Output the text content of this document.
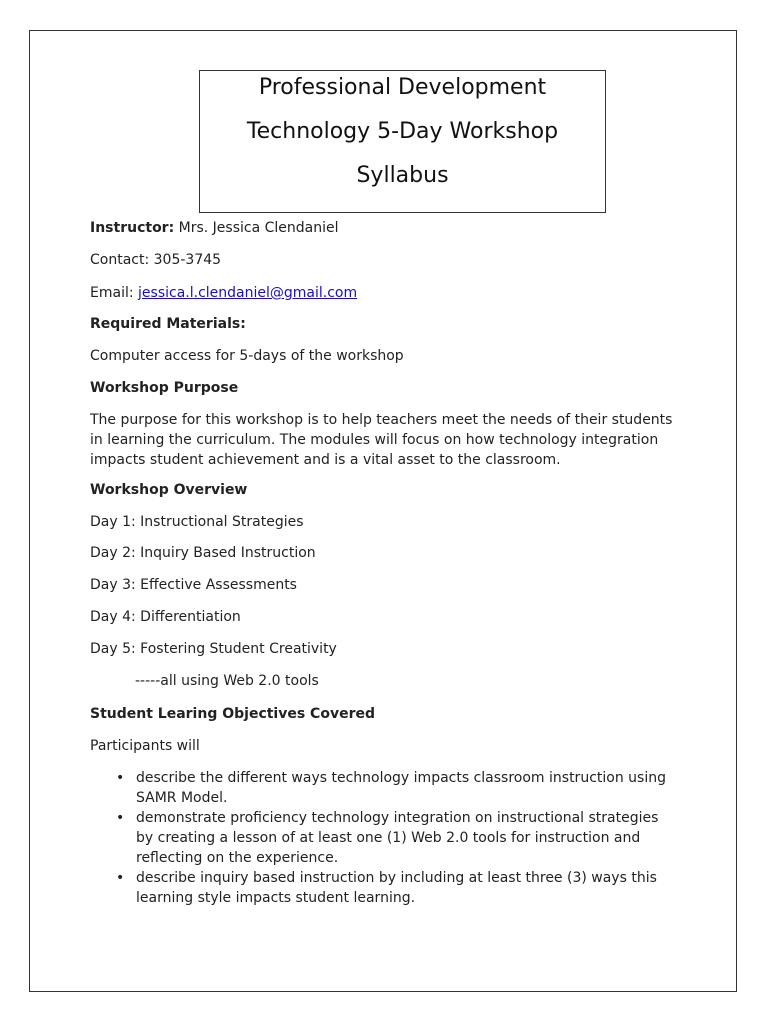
Professional Development
Technology 5-Day Workshop
Syllabus
Instructor: Mrs. Jessica Clendaniel
Contact: 305-3745
Email: jessica.l.clendaniel@gmail.com
Required Materials:
Computer access for 5-days of the workshop
Workshop Purpose
The purpose for this workshop is to help teachers meet the needs of their students in learning the curriculum. The modules will focus on how technology integration impacts student achievement and is a vital asset to the classroom.
Workshop Overview
Day 1: Instructional Strategies
Day 2: Inquiry Based Instruction
Day 3: Effective Assessments
Day 4: Differentiation
Day 5: Fostering Student Creativity
-----all using Web 2.0 tools
Student Learing Objectives Covered
Participants will
• describe the different ways technology impacts classroom instruction using SAMR Model.
• demonstrate proficiency technology integration on instructional strategies by creating a lesson of at least one (1) Web 2.0 tools for instruction and reflecting on the experience.
• describe inquiry based instruction by including at least three (3) ways this learning style impacts student learning.
